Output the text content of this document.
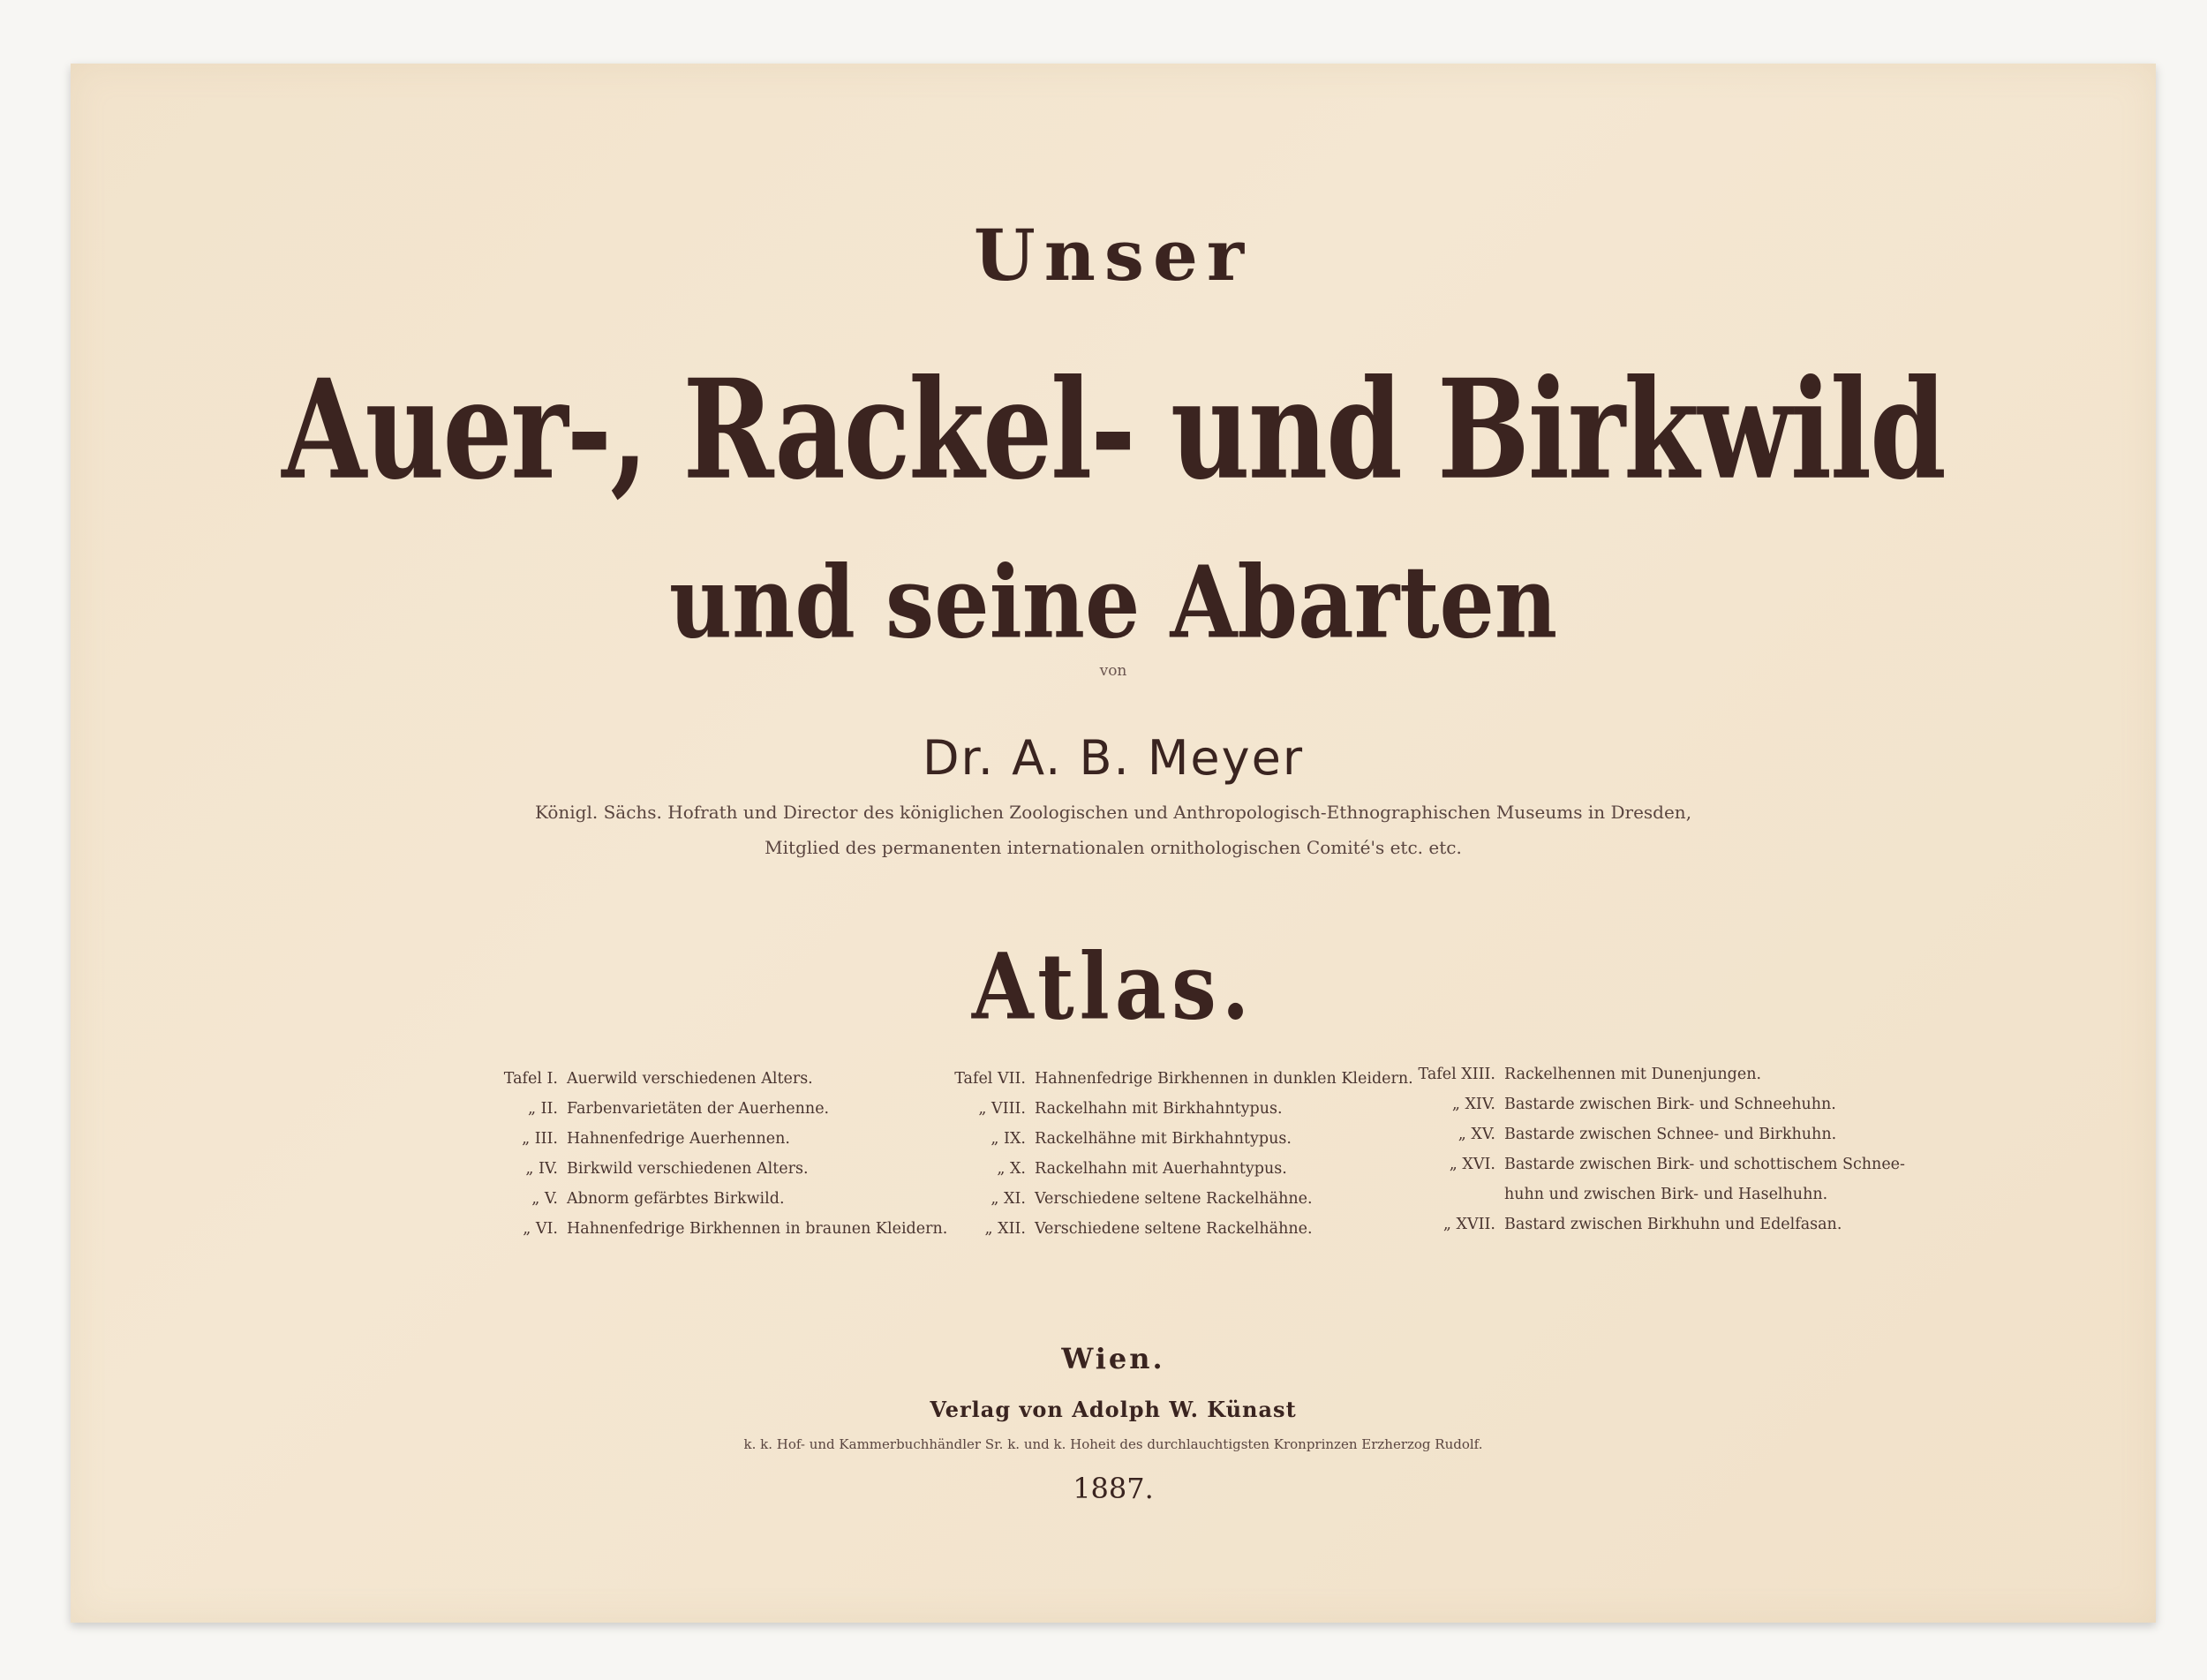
Unser
Auer-, Rackel- und Birkwild
und seine Abarten
von
Dr. A. B. Meyer
Königl. Sächs. Hofrath und Director des königlichen Zoologischen und Anthropologisch-Ethnographischen Museums in Dresden,
Mitglied des permanenten internationalen ornithologischen Comité's etc. etc.
Atlas.
Tafel I. Auerwild verschiedenen Alters.
„ II. Farbenvarietäten der Auerhenne.
„ III. Hahnenfedrige Auerhennen.
„ IV. Birkwild verschiedenen Alters.
„ V. Abnorm gefärbtes Birkwild.
„ VI. Hahnenfedrige Birkhennen in braunen Kleidern.
Tafel VII. Hahnenfedrige Birkhennen in dunklen Kleidern.
„ VIII. Rackelhahn mit Birkhahntypus.
„ IX. Rackelhähne mit Birkhahntypus.
„ X. Rackelhahn mit Auerhahntypus.
„ XI. Verschiedene seltene Rackelhähne.
„ XII. Verschiedene seltene Rackelhähne.
Tafel XIII. Rackelhennen mit Dunenjungen.
„ XIV. Bastarde zwischen Birk- und Schneehuhn.
„ XV. Bastarde zwischen Schnee- und Birkhuhn.
„ XVI. Bastarde zwischen Birk- und schottischem Schnee-
huhn und zwischen Birk- und Haselhuhn.
„ XVII. Bastard zwischen Birkhuhn und Edelfasan.
Wien.
Verlag von Adolph W. Künast
k. k. Hof- und Kammerbuchhändler Sr. k. und k. Hoheit des durchlauchtigsten Kronprinzen Erzherzog Rudolf.
1887.
